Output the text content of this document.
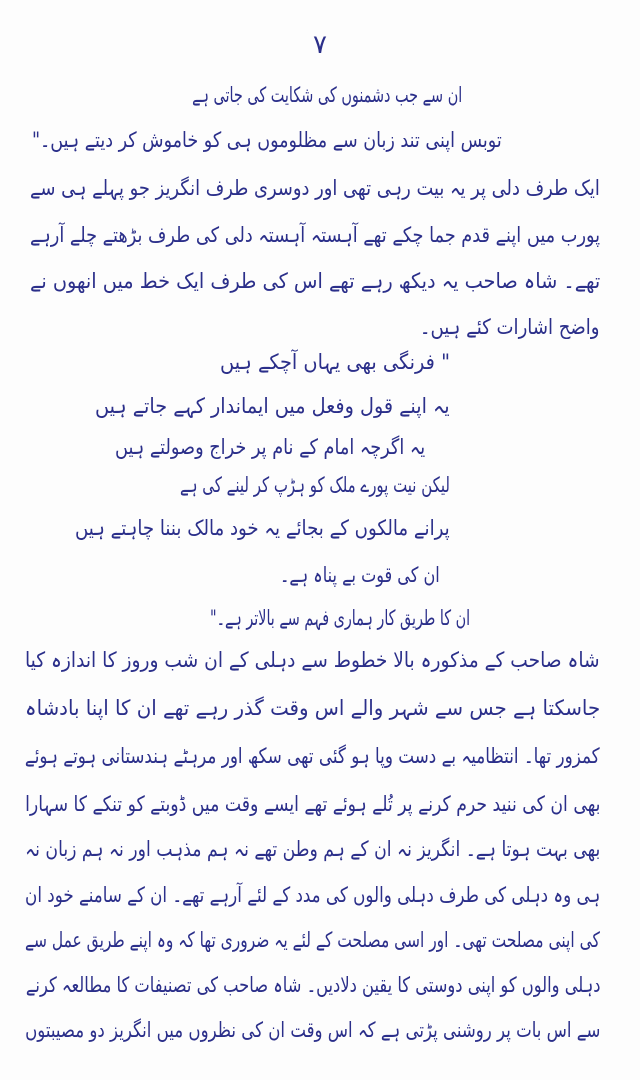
٧
ان سے جب دشمنوں کی شکایت کی جاتی ہے
توبس اپنی تند زبان سے مظلوموں ہی کو خاموش کر دیتے ہیں۔"
ایک طرف دلی پر یہ بیت رہی تھی اور دوسری طرف انگریز جو پہلے ہی سے
پورب میں اپنے قدم جما چکے تھے آہستہ آہستہ دلی کی طرف بڑھتے چلے آرہے
تھے۔ شاہ صاحب یہ دیکھ رہے تھے اس کی طرف ایک خط میں انھوں نے
واضح اشارات کئے ہیں۔
" فرنگی بھی یہاں آچکے ہیں
یہ اپنے قول وفعل میں ایماندار کہے جاتے ہیں
یہ اگرچہ امام کے نام پر خراج وصولتے ہیں
لیکن نیت پورے ملک کو ہڑپ کر لینے کی ہے
پرانے مالکوں کے بجائے یہ خود مالک بننا چاہتے ہیں
ان کی قوت بے پناہ ہے۔
ان کا طریق کار ہماری فہم سے بالاتر ہے۔"
شاہ صاحب کے مذکورہ بالا خطوط سے دہلی کے ان شب وروز کا اندازہ کیا
جاسکتا ہے جس سے شہر والے اس وقت گذر رہے تھے ان کا اپنا بادشاہ
کمزور تھا۔ انتظامیہ بے دست وپا ہو گئی تھی سکھ اور مرہٹے ہندستانی ہوتے ہوئے
بھی ان کی ننید حرم کرنے پر تُلے ہوئے تھے ایسے وقت میں ڈوبتے کو تنکے کا سہارا
بھی بہت ہوتا ہے۔ انگریز نہ ان کے ہم وطن تھے نہ ہم مذہب اور نہ ہم زبان نہ
ہی وہ دہلی کی طرف دہلی والوں کی مدد کے لئے آرہے تھے۔ ان کے سامنے خود ان
کی اپنی مصلحت تھی۔ اور اسی مصلحت کے لئے یہ ضروری تھا کہ وہ اپنے طریق عمل سے
دہلی والوں کو اپنی دوستی کا یقین دلادیں۔ شاہ صاحب کی تصنیفات کا مطالعہ کرنے
سے اس بات پر روشنی پڑتی ہے کہ اس وقت ان کی نظروں میں انگریز دو مصیبتوں
